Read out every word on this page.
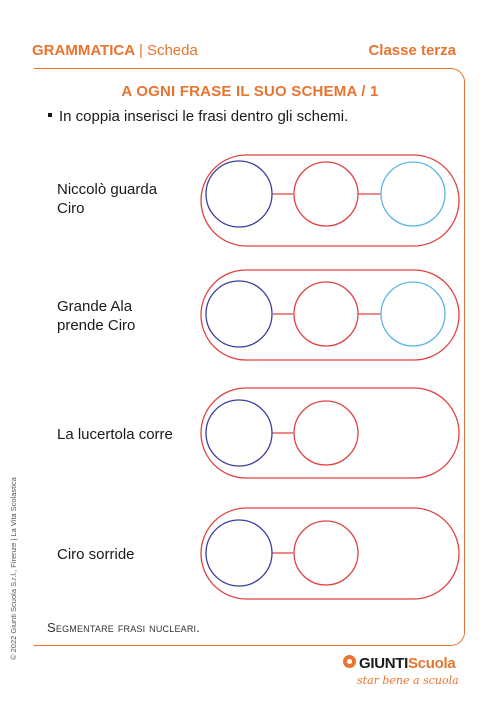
GRAMMATICA | Scheda	Classe terza
A OGNI FRASE IL SUO SCHEMA / 1
In coppia inserisci le frasi dentro gli schemi.
Niccolò guarda
Ciro
Grande Ala
prende Ciro
La lucertola corre
Ciro sorride
Segmentare frasi nucleari.
© 2022 Giunti Scuola S.r.l., Firenze | La Vita Scolastica
GIUNTIScuola
star bene a scuola
